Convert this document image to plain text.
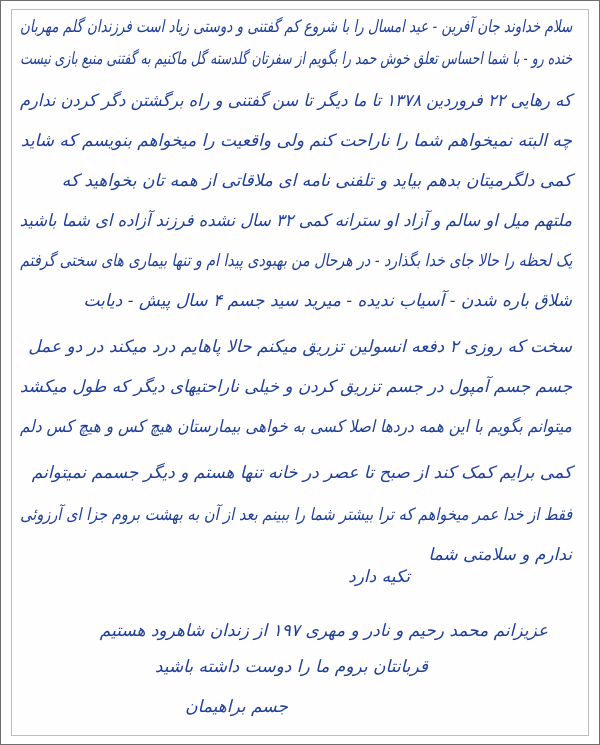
سلام خداوند جان آفرین - عید امسال را با شروع کم گفتنی و دوستی زیاد است فرزندان گلم مهربان
خنده رو - با شما احساس تعلق خوش حمد را بگویم از سفرتان گلدسته گل ماکنیم به گفتنی منبع بازی نیست
که رهایی ۲۲ فروردین ۱۳۷۸ تا ما دیگر تا سن گفتنی و راه برگشتن دگر کردن ندارم
چه البته نمیخواهم شما را ناراحت کنم ولی واقعیت را میخواهم بنویسم که شاید
کمی دلگرمیتان بدهم بیاید و تلفنی نامه ای ملاقاتی از همه تان بخواهید که
ملتهم میل او سالم و آزاد او سترانه کمی ۳۲ سال نشده فرزند آزاده ای شما باشید
یک لحظه را حالا جای خدا بگذارد - در هرحال من بهبودی پیدا ام و تنها بیماری های سختی گرفتم
شلاق باره شدن - آسیاب ندیده - میرید سید جسم ۴ سال پیش - دیابت
سخت که روزی ۲ دفعه انسولین تزریق میکنم حالا پاهایم درد میکند در دو عمل
جسم جسم آمپول در جسم تزریق کردن و خیلی ناراحتیهای دیگر که طول میکشد
میتوانم بگویم با این همه دردها اصلا کسی به خواهی بیمارستان هیچ کس و هیچ کس دلم
کمی برایم کمک کند از صبح تا عصر در خانه تنها هستم و دیگر جسمم نمیتوانم
فقط از خدا عمر میخواهم که ترا بیشتر شما را ببینم بعد از آن به بهشت بروم جزا ای آرزوئی
ندارم و سلامتی شما
تکیه دارد
عزیزانم محمد رحیم و نادر و مهری ۱۹۷ از زندان شاهرود هستیم
قربانتان بروم ما را دوست داشته باشید
جسم براهیمان
